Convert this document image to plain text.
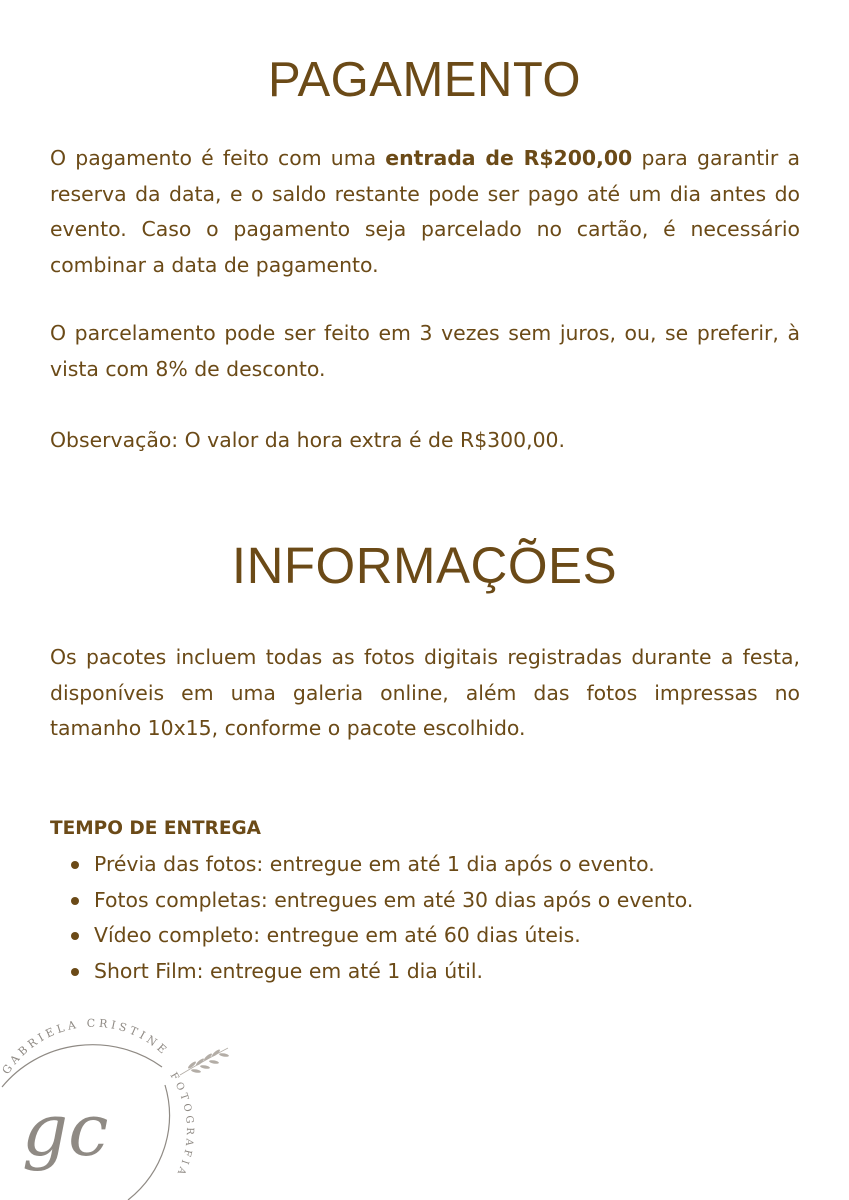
PAGAMENTO

O pagamento é feito com uma entrada de R$200,00 para garantir a reserva da data, e o saldo restante pode ser pago até um dia antes do evento. Caso o pagamento seja parcelado no cartão, é necessário combinar a data de pagamento.

O parcelamento pode ser feito em 3 vezes sem juros, ou, se preferir, à vista com 8% de desconto.

Observação: O valor da hora extra é de R$300,00.

INFORMAÇÕES

Os pacotes incluem todas as fotos digitais registradas durante a festa, disponíveis em uma galeria online, além das fotos impressas no tamanho 10x15, conforme o pacote escolhido.

TEMPO DE ENTREGA
Prévia das fotos: entregue em até 1 dia após o evento.
Fotos completas: entregues em até 30 dias após o evento.
Vídeo completo: entregue em até 60 dias úteis.
Short Film: entregue em até 1 dia útil.
GABRIELA CRISTINE
FOTOGRAFIA
gc
